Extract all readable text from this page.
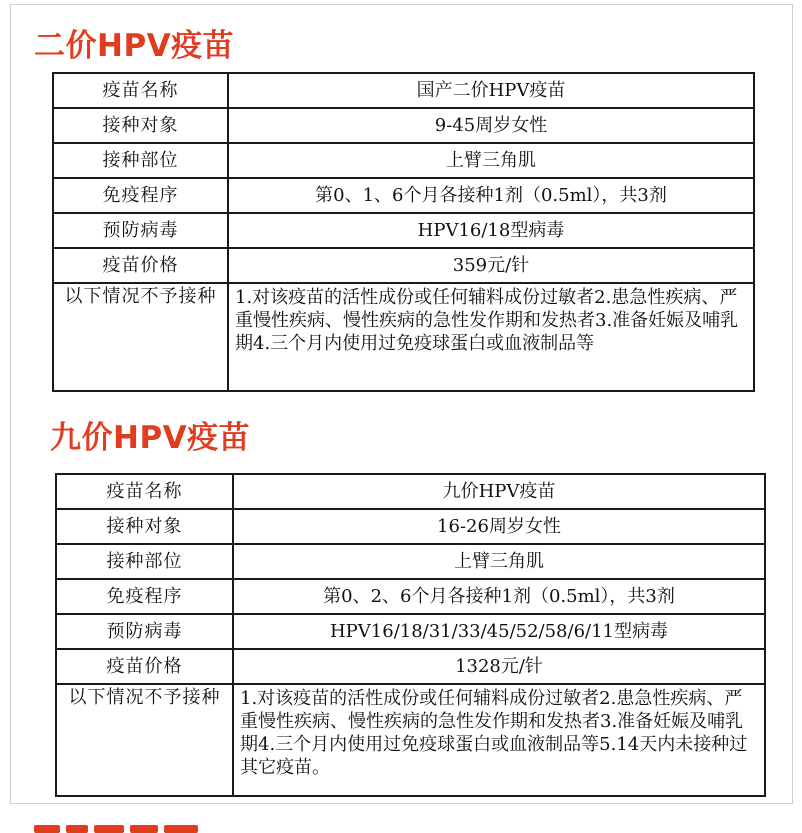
二价HPV疫苗
疫苗名称	国产二价HPV疫苗
接种对象	9-45周岁女性
接种部位	上臂三角肌
免疫程序	第0、1、6个月各接种1剂（0.5ml），共3剂
预防病毒	HPV16/18型病毒
疫苗价格	359元/针
以下情况不予接种	1.对该疫苗的活性成份或任何辅料成份过敏者2.患急性疾病、严重慢性疾病、慢性疾病的急性发作期和发热者3.准备妊娠及哺乳期4.三个月内使用过免疫球蛋白或血液制品等
九价HPV疫苗
疫苗名称	九价HPV疫苗
接种对象	16-26周岁女性
接种部位	上臂三角肌
免疫程序	第0、2、6个月各接种1剂（0.5ml），共3剂
预防病毒	HPV16/18/31/33/45/52/58/6/11型病毒
疫苗价格	1328元/针
以下情况不予接种	1.对该疫苗的活性成份或任何辅料成份过敏者2.患急性疾病、严重慢性疾病、慢性疾病的急性发作期和发热者3.准备妊娠及哺乳期4.三个月内使用过免疫球蛋白或血液制品等5.14天内未接种过其它疫苗。
